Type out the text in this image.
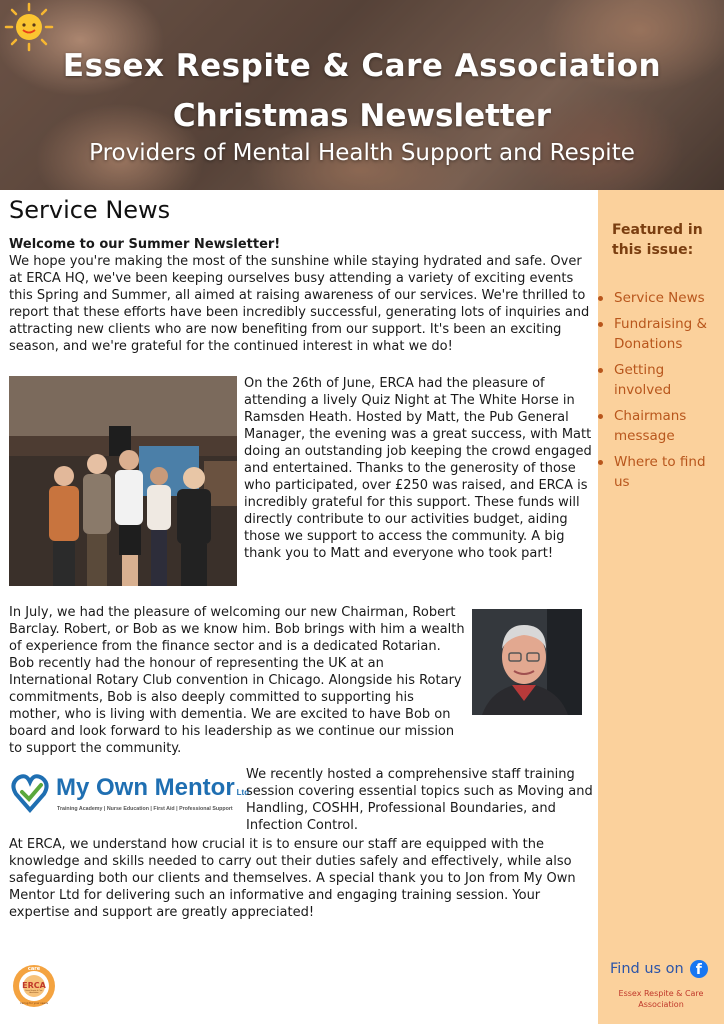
Essex Respite & Care Association
Christmas Newsletter
Providers of Mental Health Support and Respite
Service News

Welcome to our Summer Newsletter!

We hope you're making the most of the sunshine while staying hydrated and safe. Over at ERCA HQ, we've been keeping ourselves busy attending a variety of exciting events this Spring and Summer, all aimed at raising awareness of our services. We're thrilled to report that these efforts have been incredibly successful, generating lots of inquiries and attracting new clients who are now benefiting from our support. It's been an exciting season, and we're grateful for the continued interest in what we do!

On the 26th of June, ERCA had the pleasure of attending a lively Quiz Night at The White Horse in Ramsden Heath. Hosted by Matt, the Pub General Manager, the evening was a great success, with Matt doing an outstanding job keeping the crowd engaged and entertained. Thanks to the generosity of those who participated, over £250 was raised, and ERCA is incredibly grateful for this support. These funds will directly contribute to our activities budget, aiding those we support to access the community. A big thank you to Matt and everyone who took part!

In July, we had the pleasure of welcoming our new Chairman, Robert Barclay. Robert, or Bob as we know him. Bob brings with him a wealth of experience from the finance sector and is a dedicated Rotarian. Bob recently had the honour of representing the UK at an International Rotary Club convention in Chicago. Alongside his Rotary commitments, Bob is also deeply committed to supporting his mother, who is living with dementia. We are excited to have Bob on board and look forward to his leadership as we continue our mission to support the community.

My Own Mentor Ltd
Training Academy | Nurse Education | First Aid | Professional Support

We recently hosted a comprehensive staff training session covering essential topics such as Moving and Handling, COSHH, Professional Boundaries, and Infection Control.

At ERCA, we understand how crucial it is to ensure our staff are equipped with the knowledge and skills needed to carry out their duties safely and effectively, while also safeguarding both our clients and themselves. A special thank you to Jon from My Own Mentor Ltd for delivering such an informative and engaging training session. Your expertise and support are greatly appreciated!

care
ERCA
Essex Respite & Care Association
Caring for your needs
Featured in this issue:
Service News
Fundraising & Donations
Getting involved
Chairmans message
Where to find us
Find us on f
Essex Respite & Care
Association
